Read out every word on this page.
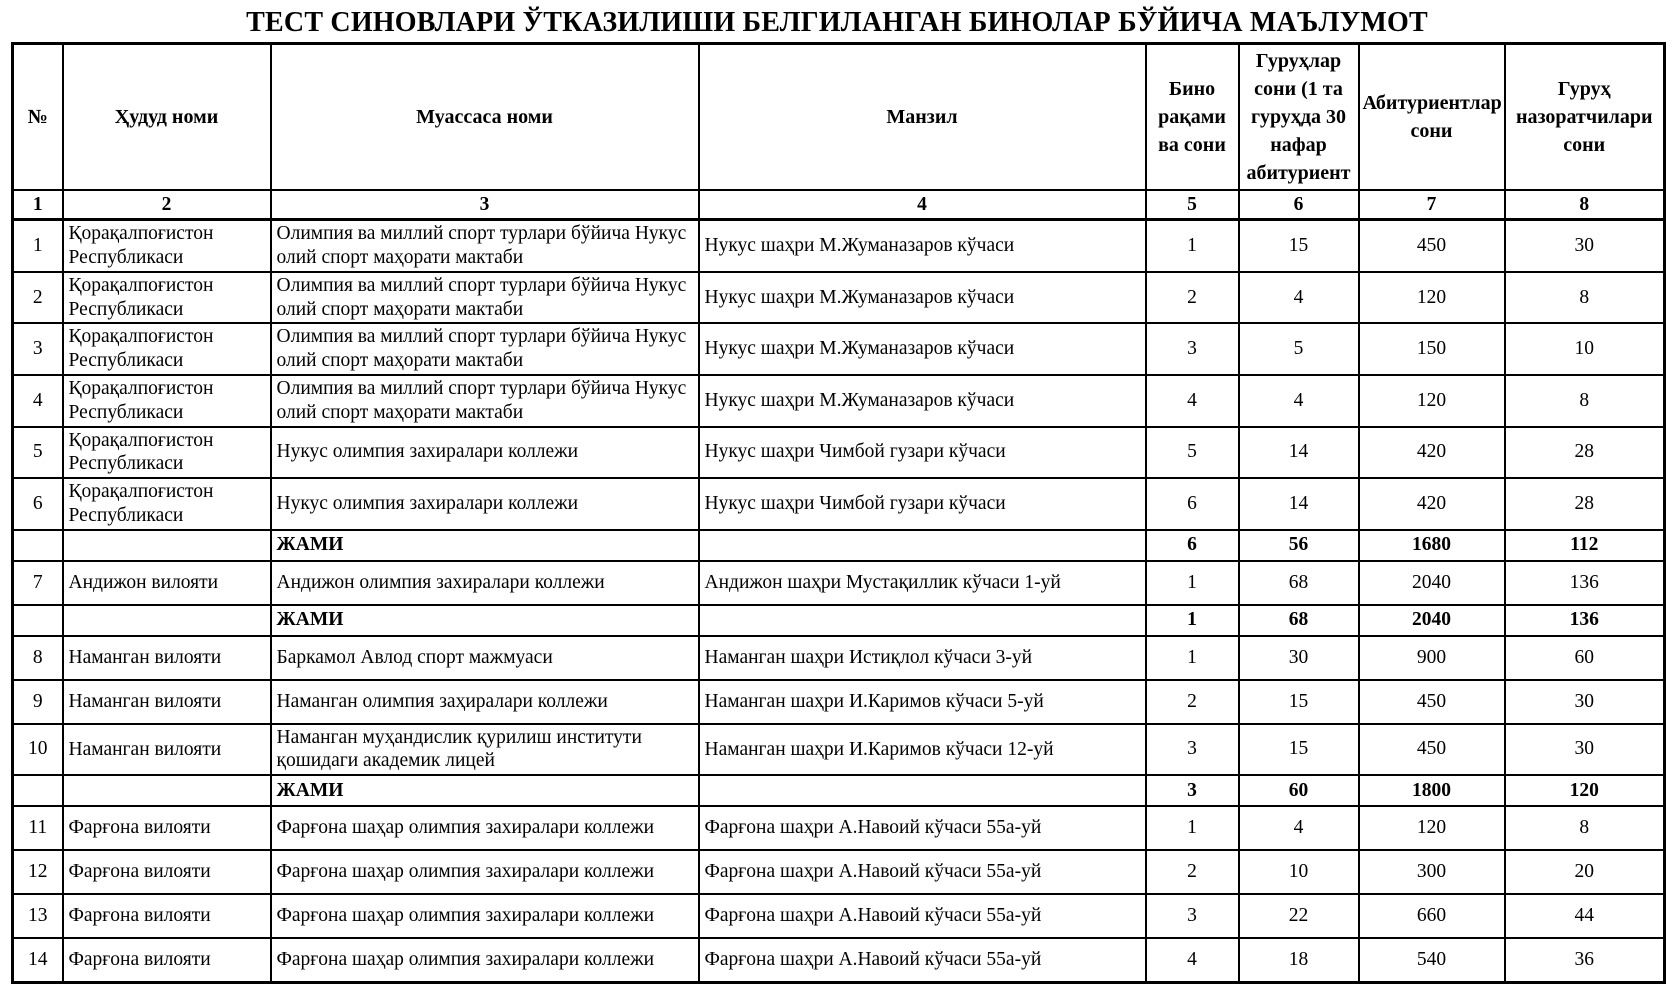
ТЕСТ СИНОВЛАРИ ЎТКАЗИЛИШИ БЕЛГИЛАНГАН БИНОЛАР БЎЙИЧА МАЪЛУМОТ
№	Ҳудуд номи	Муассаса номи	Манзил	Бино рақами ва сони	Гуруҳлар сони (1 та гуруҳда 30 нафар абитуриент	Абитуриентлар сони	Гуруҳ назоратчилари сони
1	2	3	4	5	6	7	8
1	Қорақалпоғистон Республикаси	Олимпия ва миллий спорт турлари бўйича Нукус олий спорт маҳорати мактаби	Нукус шаҳри М.Жуманазаров кўчаси	1	15	450	30
2	Қорақалпоғистон Республикаси	Олимпия ва миллий спорт турлари бўйича Нукус олий спорт маҳорати мактаби	Нукус шаҳри М.Жуманазаров кўчаси	2	4	120	8
3	Қорақалпоғистон Республикаси	Олимпия ва миллий спорт турлари бўйича Нукус олий спорт маҳорати мактаби	Нукус шаҳри М.Жуманазаров кўчаси	3	5	150	10
4	Қорақалпоғистон Республикаси	Олимпия ва миллий спорт турлари бўйича Нукус олий спорт маҳорати мактаби	Нукус шаҳри М.Жуманазаров кўчаси	4	4	120	8
5	Қорақалпоғистон Республикаси	Нукус олимпия захиралари коллежи	Нукус шаҳри Чимбой гузари кўчаси	5	14	420	28
6	Қорақалпоғистон Республикаси	Нукус олимпия захиралари коллежи	Нукус шаҳри Чимбой гузари кўчаси	6	14	420	28
		ЖАМИ		6	56	1680	112
7	Андижон вилояти	Андижон олимпия захиралари коллежи	Андижон шаҳри Мустақиллик кўчаси 1-уй	1	68	2040	136
		ЖАМИ		1	68	2040	136
8	Наманган вилояти	Баркамол Авлод спорт мажмуаси	Наманган шаҳри Истиқлол кўчаси 3-уй	1	30	900	60
9	Наманган вилояти	Наманган олимпия заҳиралари коллежи	Наманган шаҳри И.Каримов кўчаси 5-уй	2	15	450	30
10	Наманган вилояти	Наманган муҳандислик қурилиш институти қошидаги академик лицей	Наманган шаҳри И.Каримов кўчаси 12-уй	3	15	450	30
		ЖАМИ		3	60	1800	120
11	Фарғона вилояти	Фарғона шаҳар олимпия захиралари коллежи	Фарғона шаҳри А.Навоий кўчаси 55а-уй	1	4	120	8
12	Фарғона вилояти	Фарғона шаҳар олимпия захиралари коллежи	Фарғона шаҳри А.Навоий кўчаси 55а-уй	2	10	300	20
13	Фарғона вилояти	Фарғона шаҳар олимпия захиралари коллежи	Фарғона шаҳри А.Навоий кўчаси 55а-уй	3	22	660	44
14	Фарғона вилояти	Фарғона шаҳар олимпия захиралари коллежи	Фарғона шаҳри А.Навоий кўчаси 55а-уй	4	18	540	36
